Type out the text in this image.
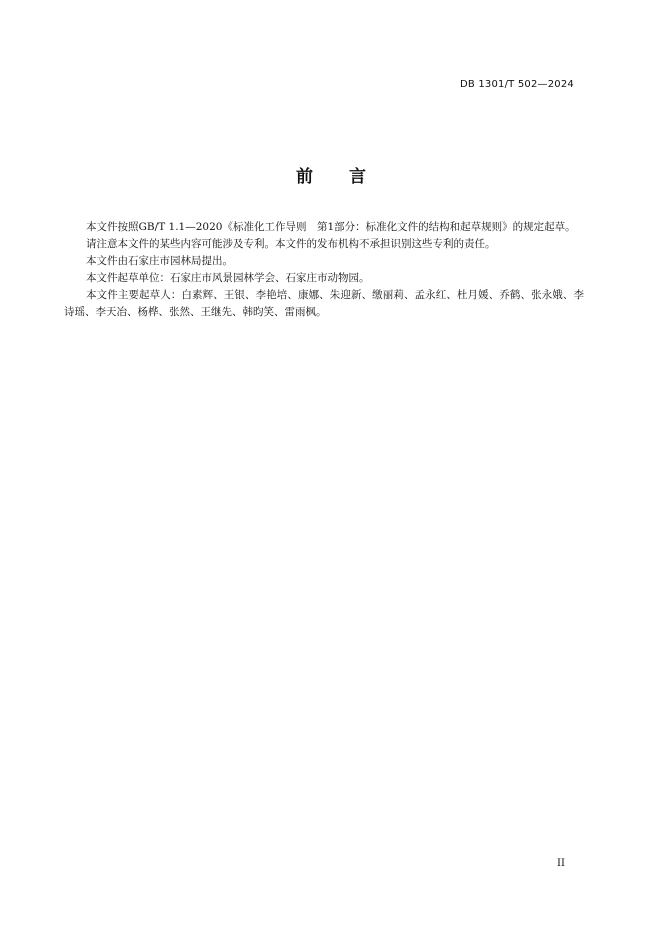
DB 1301/T 502—2024
前 言

本文件按照GB/T 1.1—2020《标准化工作导则　第1部分：标准化文件的结构和起草规则》的规定起草。

请注意本文件的某些内容可能涉及专利。本文件的发布机构不承担识别这些专利的责任。

本文件由石家庄市园林局提出。

本文件起草单位：石家庄市风景园林学会、石家庄市动物园。

本文件主要起草人：白素辉、王银、李艳培、康娜、朱迎新、缴丽莉、孟永红、杜月媛、乔鹤、张永娥、李诗瑶、李天冶、杨桦、张然、王继先、韩昀笑、雷雨枫。

II
